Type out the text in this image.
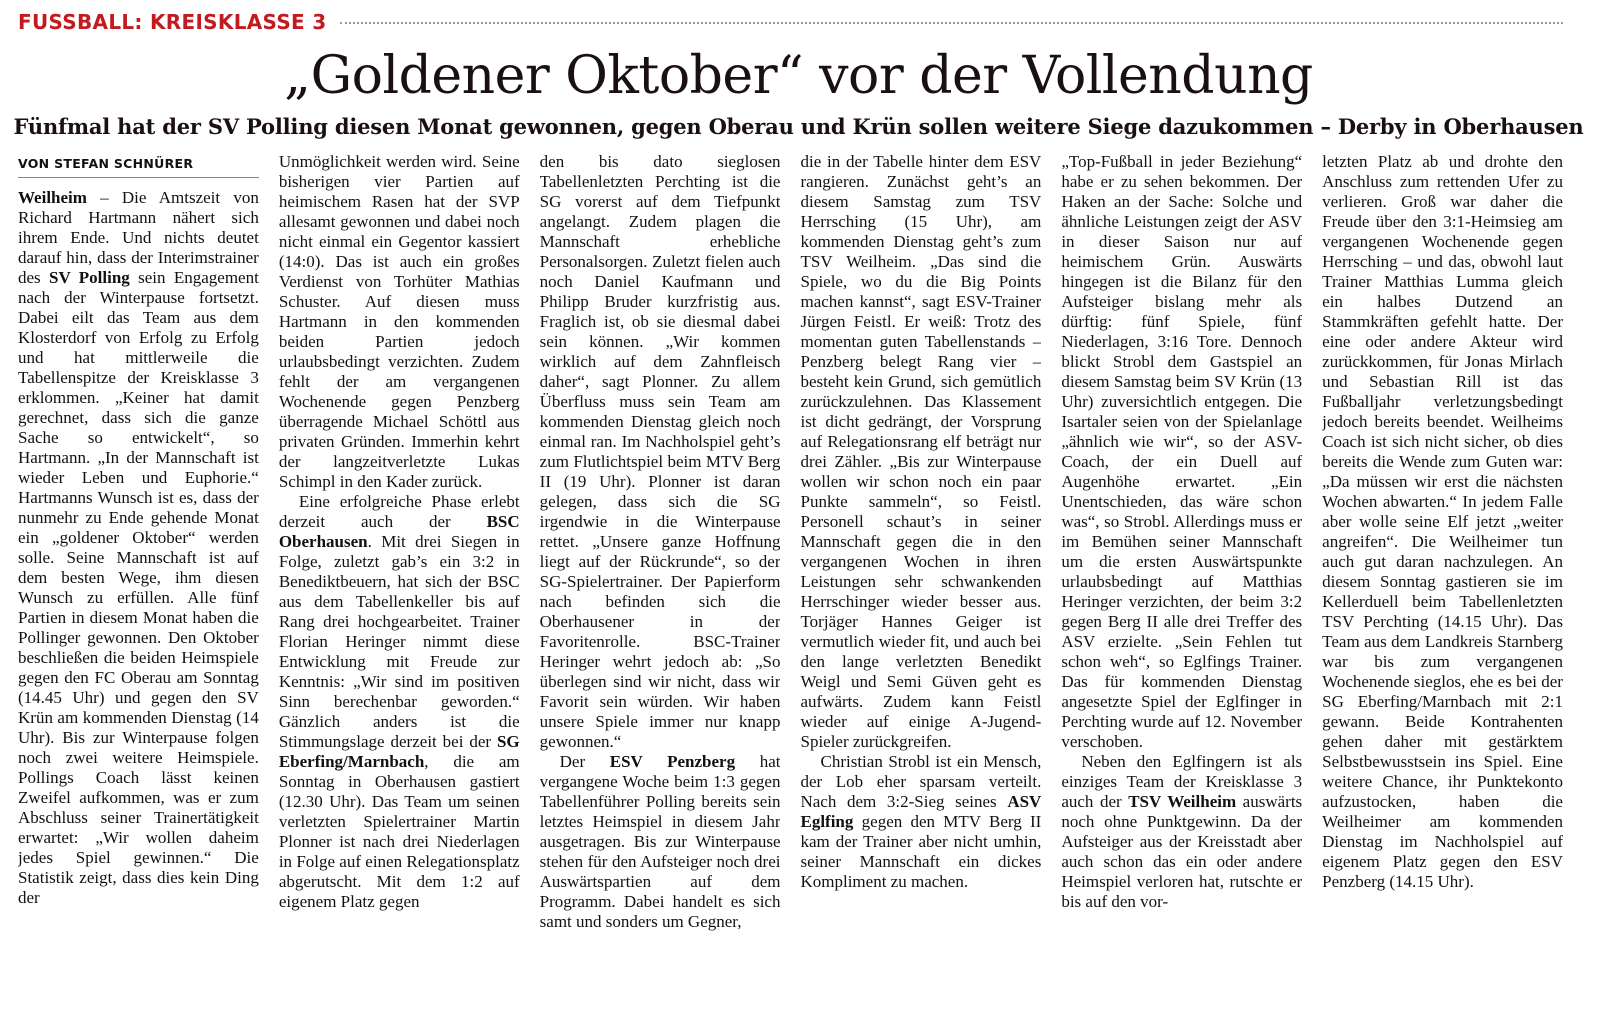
FUSSBALL: KREISKLASSE 3
„Goldener Oktober“ vor der Vollendung
Fünfmal hat der SV Polling diesen Monat gewonnen, gegen Oberau und Krün sollen weitere Siege dazukommen – Derby in Oberhausen
VON STEFAN SCHNÜRER

Weilheim – Die Amtszeit von Richard Hartmann nähert sich ihrem Ende. Und nichts deutet darauf hin, dass der Interimstrainer des SV Polling sein Engagement nach der Winterpause fortsetzt. Dabei eilt das Team aus dem Klosterdorf von Erfolg zu Erfolg und hat mittlerweile die Tabellenspitze der Kreisklasse 3 erklommen. „Keiner hat damit gerechnet, dass sich die ganze Sache so entwickelt“, so Hartmann. „In der Mannschaft ist wieder Leben und Euphorie.“ Hartmanns Wunsch ist es, dass der nunmehr zu Ende gehende Monat ein „goldener Oktober“ werden solle. Seine Mannschaft ist auf dem besten Wege, ihm diesen Wunsch zu erfüllen. Alle fünf Partien in diesem Monat haben die Pollinger gewonnen. Den Oktober beschließen die beiden Heimspiele gegen den FC Oberau am Sonntag (14.45 Uhr) und gegen den SV Krün am kommenden Dienstag (14 Uhr). Bis zur Winterpause folgen noch zwei weitere Heimspiele. Pollings Coach lässt keinen Zweifel aufkommen, was er zum Abschluss seiner Trainertätigkeit erwartet: „Wir wollen daheim jedes Spiel gewinnen.“ Die Statistik zeigt, dass dies kein Ding der

Unmöglichkeit werden wird. Seine bisherigen vier Partien auf heimischem Rasen hat der SVP allesamt gewonnen und dabei noch nicht einmal ein Gegentor kassiert (14:0). Das ist auch ein großes Verdienst von Torhüter Mathias Schuster. Auf diesen muss Hartmann in den kommenden beiden Partien jedoch urlaubsbedingt verzichten. Zudem fehlt der am vergangenen Wochenende gegen Penzberg überragende Michael Schöttl aus privaten Gründen. Immerhin kehrt der langzeitverletzte Lukas Schimpl in den Kader zurück.

Eine erfolgreiche Phase erlebt derzeit auch der BSC Oberhausen. Mit drei Siegen in Folge, zuletzt gab’s ein 3:2 in Benediktbeuern, hat sich der BSC aus dem Tabellenkeller bis auf Rang drei hochgearbeitet. Trainer Florian Heringer nimmt diese Entwicklung mit Freude zur Kenntnis: „Wir sind im positiven Sinn berechenbar geworden.“ Gänzlich anders ist die Stimmungslage derzeit bei der SG Eberfing/Marnbach, die am Sonntag in Oberhausen gastiert (12.30 Uhr). Das Team um seinen verletzten Spielertrainer Martin Plonner ist nach drei Niederlagen in Folge auf einen Relegationsplatz abgerutscht. Mit dem 1:2 auf eigenem Platz gegen

den bis dato sieglosen Tabellenletzten Perchting ist die SG vorerst auf dem Tiefpunkt angelangt. Zudem plagen die Mannschaft erhebliche Personalsorgen. Zuletzt fielen auch noch Daniel Kaufmann und Philipp Bruder kurzfristig aus. Fraglich ist, ob sie diesmal dabei sein können. „Wir kommen wirklich auf dem Zahnfleisch daher“, sagt Plonner. Zu allem Überfluss muss sein Team am kommenden Dienstag gleich noch einmal ran. Im Nachholspiel geht’s zum Flutlichtspiel beim MTV Berg II (19 Uhr). Plonner ist daran gelegen, dass sich die SG irgendwie in die Winterpause rettet. „Unsere ganze Hoffnung liegt auf der Rückrunde“, so der SG-Spielertrainer. Der Papierform nach befinden sich die Oberhausener in der Favoritenrolle. BSC-Trainer Heringer wehrt jedoch ab: „So überlegen sind wir nicht, dass wir Favorit sein würden. Wir haben unsere Spiele immer nur knapp gewonnen.“

Der ESV Penzberg hat vergangene Woche beim 1:3 gegen Tabellenführer Polling bereits sein letztes Heimspiel in diesem Jahr ausgetragen. Bis zur Winterpause stehen für den Aufsteiger noch drei Auswärtspartien auf dem Programm. Dabei handelt es sich samt und sonders um Gegner,

die in der Tabelle hinter dem ESV rangieren. Zunächst geht’s an diesem Samstag zum TSV Herrsching (15 Uhr), am kommenden Dienstag geht’s zum TSV Weilheim. „Das sind die Spiele, wo du die Big Points machen kannst“, sagt ESV-Trainer Jürgen Feistl. Er weiß: Trotz des momentan guten Tabellenstands – Penzberg belegt Rang vier – besteht kein Grund, sich gemütlich zurückzulehnen. Das Klassement ist dicht gedrängt, der Vorsprung auf Relegationsrang elf beträgt nur drei Zähler. „Bis zur Winterpause wollen wir schon noch ein paar Punkte sammeln“, so Feistl. Personell schaut’s in seiner Mannschaft gegen die in den vergangenen Wochen in ihren Leistungen sehr schwankenden Herrschinger wieder besser aus. Torjäger Hannes Geiger ist vermutlich wieder fit, und auch bei den lange verletzten Benedikt Weigl und Semi Güven geht es aufwärts. Zudem kann Feistl wieder auf einige A-Jugend-Spieler zurückgreifen.

Christian Strobl ist ein Mensch, der Lob eher sparsam verteilt. Nach dem 3:2-Sieg seines ASV Eglfing gegen den MTV Berg II kam der Trainer aber nicht umhin, seiner Mannschaft ein dickes Kompliment zu machen.

„Top-Fußball in jeder Beziehung“ habe er zu sehen bekommen. Der Haken an der Sache: Solche und ähnliche Leistungen zeigt der ASV in dieser Saison nur auf heimischem Grün. Auswärts hingegen ist die Bilanz für den Aufsteiger bislang mehr als dürftig: fünf Spiele, fünf Niederlagen, 3:16 Tore. Dennoch blickt Strobl dem Gastspiel an diesem Samstag beim SV Krün (13 Uhr) zuversichtlich entgegen. Die Isartaler seien von der Spielanlage „ähnlich wie wir“, so der ASV-Coach, der ein Duell auf Augenhöhe erwartet. „Ein Unentschieden, das wäre schon was“, so Strobl. Allerdings muss er im Bemühen seiner Mannschaft um die ersten Auswärtspunkte urlaubsbedingt auf Matthias Heringer verzichten, der beim 3:2 gegen Berg II alle drei Treffer des ASV erzielte. „Sein Fehlen tut schon weh“, so Eglfings Trainer. Das für kommenden Dienstag angesetzte Spiel der Eglfinger in Perchting wurde auf 12. November verschoben.

Neben den Eglfingern ist als einziges Team der Kreisklasse 3 auch der TSV Weilheim auswärts noch ohne Punktgewinn. Da der Aufsteiger aus der Kreisstadt aber auch schon das ein oder andere Heimspiel verloren hat, rutschte er bis auf den vor-

letzten Platz ab und drohte den Anschluss zum rettenden Ufer zu verlieren. Groß war daher die Freude über den 3:1-Heimsieg am vergangenen Wochenende gegen Herrsching – und das, obwohl laut Trainer Matthias Lumma gleich ein halbes Dutzend an Stammkräften gefehlt hatte. Der eine oder andere Akteur wird zurückkommen, für Jonas Mirlach und Sebastian Rill ist das Fußballjahr verletzungsbedingt jedoch bereits beendet. Weilheims Coach ist sich nicht sicher, ob dies bereits die Wende zum Guten war: „Da müssen wir erst die nächsten Wochen abwarten.“ In jedem Falle aber wolle seine Elf jetzt „weiter angreifen“. Die Weilheimer tun auch gut daran nachzulegen. An diesem Sonntag gastieren sie im Kellerduell beim Tabellenletzten TSV Perchting (14.15 Uhr). Das Team aus dem Landkreis Starnberg war bis zum vergangenen Wochenende sieglos, ehe es bei der SG Eberfing/Marnbach mit 2:1 gewann. Beide Kontrahenten gehen daher mit gestärktem Selbstbewusstsein ins Spiel. Eine weitere Chance, ihr Punktekonto aufzustocken, haben die Weilheimer am kommenden Dienstag im Nachholspiel auf eigenem Platz gegen den ESV Penzberg (14.15 Uhr).
